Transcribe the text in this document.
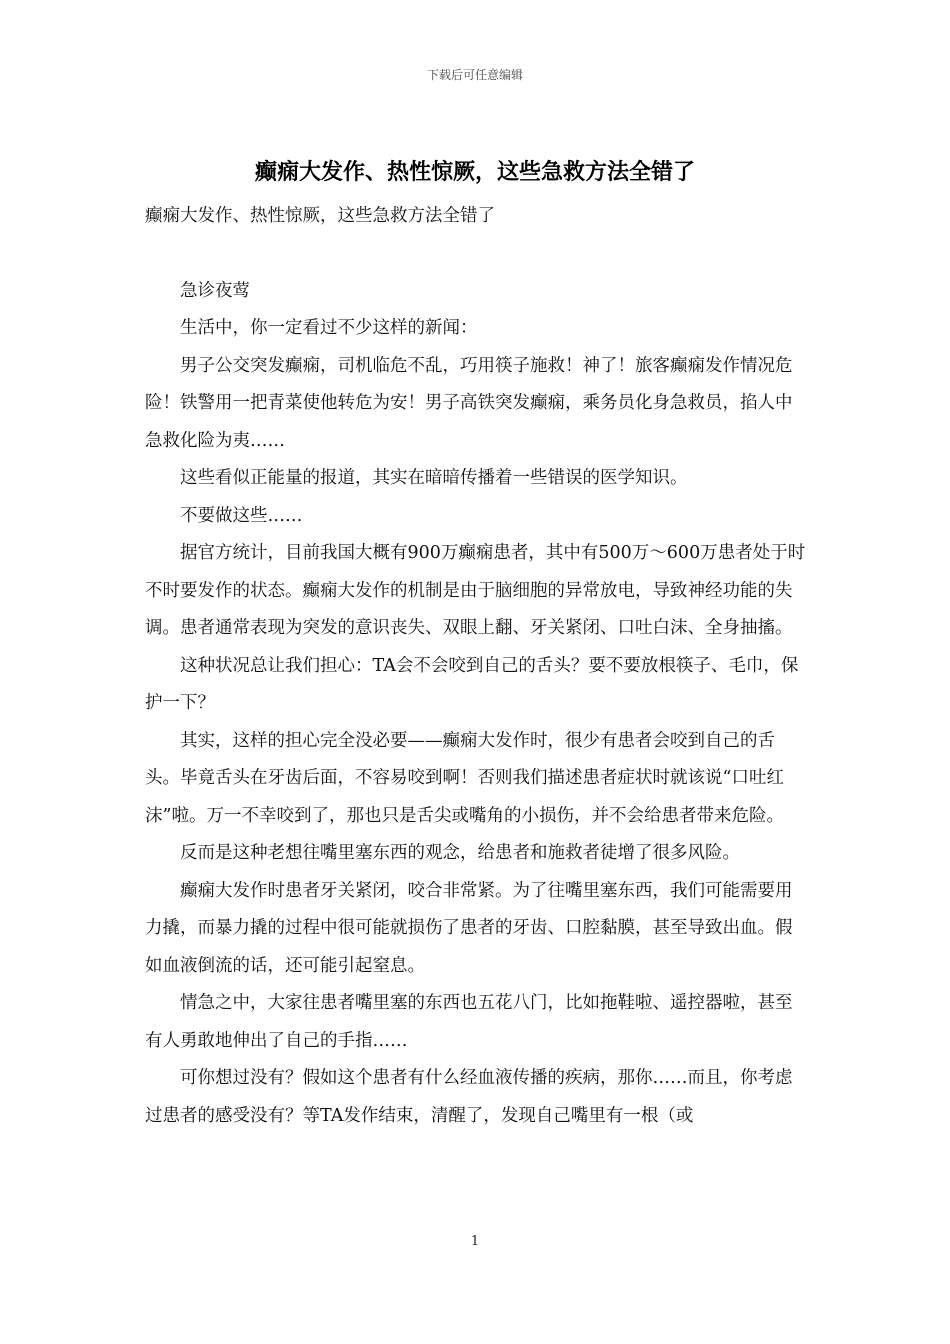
下载后可任意编辑
癫痫大发作、热性惊厥，这些急救方法全错了

癫痫大发作、热性惊厥，这些急救方法全错了

急诊夜莺

生活中，你一定看过不少这样的新闻：

男子公交突发癫痫，司机临危不乱，巧用筷子施救！神了！旅客癫痫发作情况危险！铁警用一把青菜使他转危为安！男子高铁突发癫痫，乘务员化身急救员，掐人中急救化险为夷……

这些看似正能量的报道，其实在暗暗传播着一些错误的医学知识。

不要做这些……

据官方统计，目前我国大概有900万癫痫患者，其中有500万～600万患者处于时不时要发作的状态。癫痫大发作的机制是由于脑细胞的异常放电，导致神经功能的失调。患者通常表现为突发的意识丧失、双眼上翻、牙关紧闭、口吐白沫、全身抽搐。

这种状况总让我们担心：TA会不会咬到自己的舌头？要不要放根筷子、毛巾，保护一下？

其实，这样的担心完全没必要——癫痫大发作时，很少有患者会咬到自己的舌头。毕竟舌头在牙齿后面，不容易咬到啊！否则我们描述患者症状时就该说“口吐红沫”啦。万一不幸咬到了，那也只是舌尖或嘴角的小损伤，并不会给患者带来危险。

反而是这种老想往嘴里塞东西的观念，给患者和施救者徒增了很多风险。

癫痫大发作时患者牙关紧闭，咬合非常紧。为了往嘴里塞东西，我们可能需要用力撬，而暴力撬的过程中很可能就损伤了患者的牙齿、口腔黏膜，甚至导致出血。假如血液倒流的话，还可能引起窒息。

情急之中，大家往患者嘴里塞的东西也五花八门，比如拖鞋啦、遥控器啦，甚至有人勇敢地伸出了自己的手指……

可你想过没有？假如这个患者有什么经血液传播的疾病，那你……而且，你考虑过患者的感受没有？等TA发作结束，清醒了，发现自己嘴里有一根（或

1
